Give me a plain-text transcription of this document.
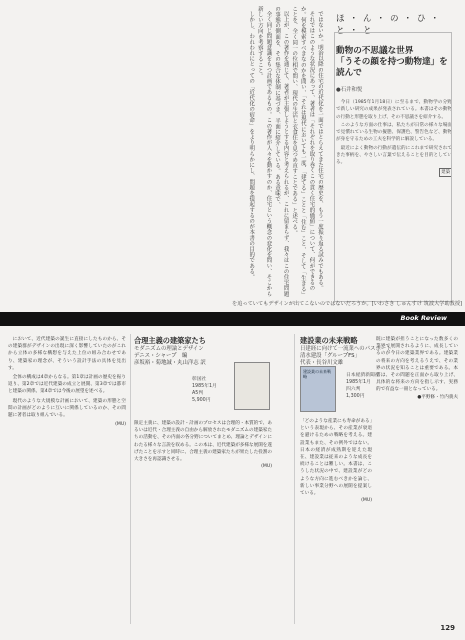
ではないか。明治以降の住宅の近代化を一面ではとらえてきた住宅の歴史を、もう一度振り返る試みでもある。

それではこのような状況にあって、著者は「それぞれを取り巻くこの貫く住宅的価値」について、何ができるのか。何を模索すべきなのかを問い、「それは現代においても一度、「建てる」ことと「住む」こと、そして「生きる」ことを、全く同一の位相で問い、現代の生活と衣食住を見つめ直すことである」と述べる。

以上が、この著作を通じて、著者が主張しようとする内容と考えられるが、これに留まらず、我々はこの住宅問題の事態の側面を、その集合な体制に基づき、半面に紹介している。ある意味で、

全く同じ問題意識をもつ計画であるもの。この著作が人々を動かすのか、住宅という概念の変化を問い、そこから新しい方向を考察すること。

しかし、われわれにとっての「近代化の宿命」をより明らかにし、問題を提起するのが本書の目的である。	ほ・ん・の・ひ・と・と
動物の不思議な世界
「うその顔を持つ動物達」を読んで
●石井和悦

今日（1985年1月18日）に至るまで、動物学の分野で新しい研究の成果が発表されている。本書はその動物の行動と形態を取り上げ、その不思議さを紹介する。

このような方面の仕事は、私たちが日常の様々な場面で見慣れている生物の擬態、保護色、警告色など、動物が身を守るための工夫を科学的に解説している。

最近によく動物の行動が遺伝的にこれまで研究されてきた事柄を、やさしい言葉で伝えることを目的としている。

建築
を追っていてもデザインが出てこないのではないだろうか。[いわさき しゅんすけ 筑波大学助教授]
Book Review

において、近代建築の誕生に直接にしたものから、その建築群がデザインの出現に深く影響していたのがこれから立体の多様な構想を与えた上位の組み合わせであり、建築家の理念が、そういう設計手法の具体を見出す。

全体の構成は4章からなる。第1章は計画の歴史を振り返り、第2章では近代建築の成立と展開、第3章では都市と建築の関係、第4章では今後の展望を述べる。

現代のような大規模な計画において、建築の形態と空間の計画がどのように互いに関係しているのか、その問題に著者は取り組んでいる。

(MU)
合理主義の建築家たち
モダニズムの理論とデザイン
デニス・シャープ　編
彦坂裕・菊地誠・丸山洋志 訳
彰国社
1985年1月
A5判
5,900円
限定主義に、建築の設計・計画のプロセスは合理的・本質的で、あるいは近代・合理主義の自由から解放されたモダニズムの建築家たちの活動を、その内面の各分野についてまとめ、理論とデザインにわたる様々な言説を収める。この本は、近代建築が多様な展開を遂げたことを示すと同時に、合理主義の建築家たちが果たした役割の大きさを再認識させる。
(MU)
建設業の未来戦略
日建経に向けて一流業へのパスポート
清水建設「グループFS」
代表・長谷川文雄
建設業の未来戦略	日本経済新聞社
1985年1月
四六判
1,300円
「どのような産業にも寿命がある」という表現から、その産業が衰退を避けるための戦略を考える。建設業もまた、その例外ではない。日本の経済が成熟期を迎えた現在、建設業は従来のような成長を続けることは難しい。本書は、こうした状況の中で、建設業がどのような方向に進むべきかを論じ、新しい事業分野への展開を提案している。
(MU)
既に建築が担うことになった数多くの業界で展開されるように、成長しているのが今日の建築業界である。建築業の将来の方向を考えるうえで、その業界の状況を知ることは重要である。本書は、その問題を正面から取り上げ、具体的な将来の方向を指し示す、実務的で有益な一冊となっている。
●平野修・竹内義夫
129
